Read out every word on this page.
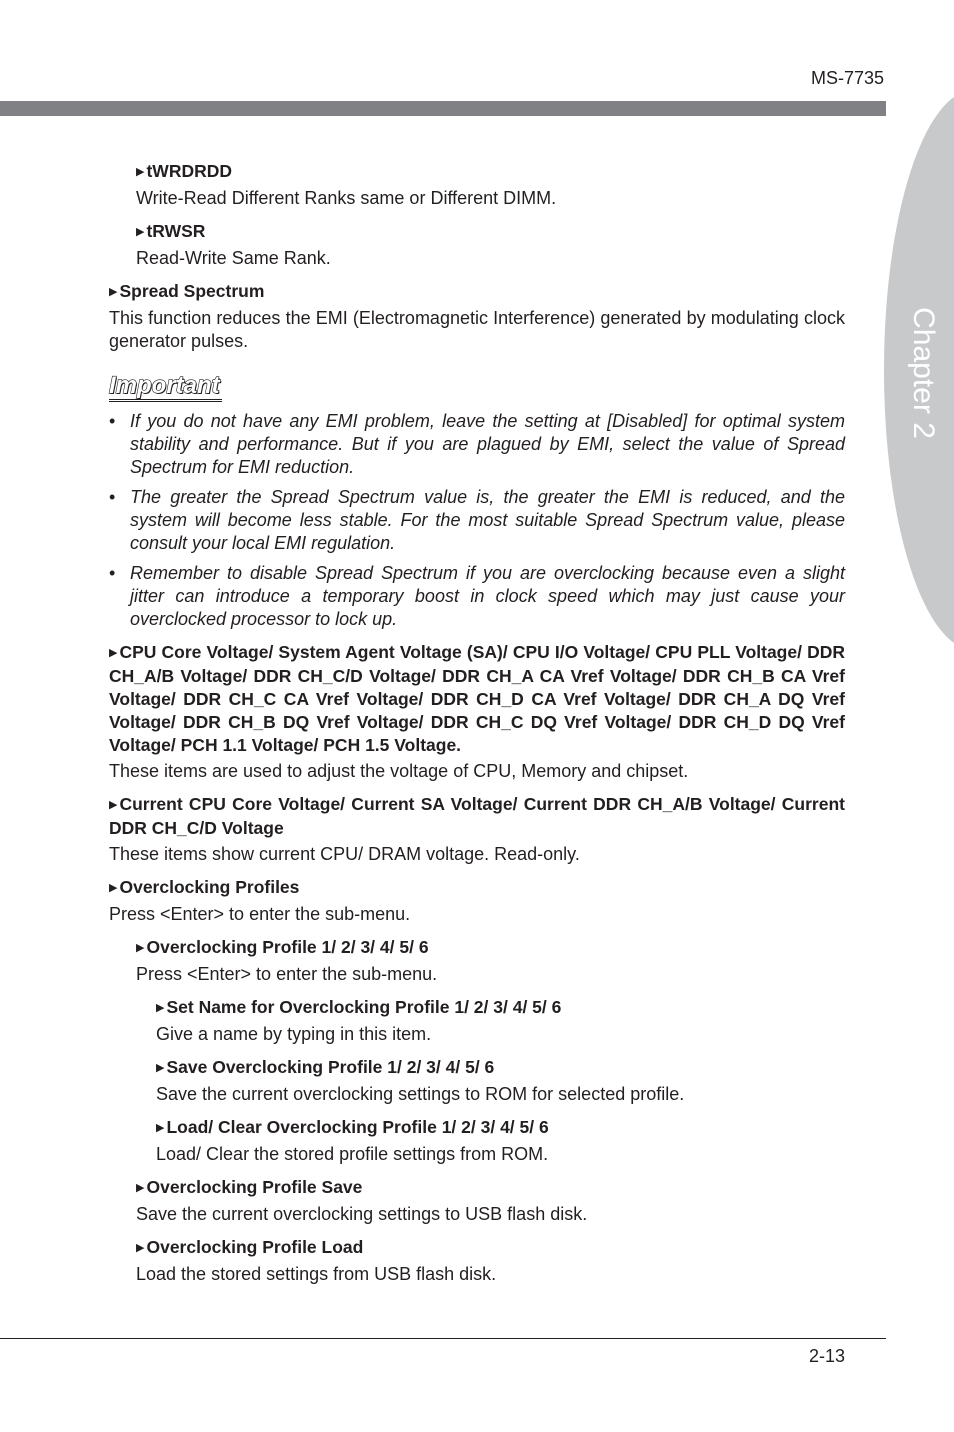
MS-7735
Chapter 2
▶ tWRDRDD
Write-Read Different Ranks same or Different DIMM.
▶ tRWSR
Read-Write Same Rank.
▶ Spread Spectrum
This function reduces the EMI (Electromagnetic Interference) generated by modulating clock generator pulses.
Important
• If you do not have any EMI problem, leave the setting at [Disabled] for optimal system stability and performance. But if you are plagued by EMI, select the value of Spread Spectrum for EMI reduction.
• The greater the Spread Spectrum value is, the greater the EMI is reduced, and the system will become less stable. For the most suitable Spread Spectrum value, please consult your local EMI regulation.
• Remember to disable Spread Spectrum if you are overclocking because even a slight jitter can introduce a temporary boost in clock speed which may just cause your overclocked processor to lock up.
▶ CPU Core Voltage/ System Agent Voltage (SA)/ CPU I/O Voltage/ CPU PLL Voltage/ DDR CH_A/B Voltage/ DDR CH_C/D Voltage/ DDR CH_A CA Vref Voltage/ DDR CH_B CA Vref Voltage/ DDR CH_C CA Vref Voltage/ DDR CH_D CA Vref Voltage/ DDR CH_A DQ Vref Voltage/ DDR CH_B DQ Vref Voltage/ DDR CH_C DQ Vref Voltage/ DDR CH_D DQ Vref Voltage/ PCH 1.1 Voltage/ PCH 1.5 Voltage.
These items are used to adjust the voltage of CPU, Memory and chipset.
▶ Current CPU Core Voltage/ Current SA Voltage/ Current DDR CH_A/B Voltage/ Current DDR CH_C/D Voltage
These items show current CPU/ DRAM voltage. Read-only.
▶ Overclocking Profiles
Press <Enter> to enter the sub-menu.
▶ Overclocking Profile 1/ 2/ 3/ 4/ 5/ 6
Press <Enter> to enter the sub-menu.
▶ Set Name for Overclocking Profile 1/ 2/ 3/ 4/ 5/ 6
Give a name by typing in this item.
▶ Save Overclocking Profile 1/ 2/ 3/ 4/ 5/ 6
Save the current overclocking settings to ROM for selected profile.
▶ Load/ Clear Overclocking Profile 1/ 2/ 3/ 4/ 5/ 6
Load/ Clear the stored profile settings from ROM.
▶ Overclocking Profile Save
Save the current overclocking settings to USB flash disk.
▶ Overclocking Profile Load
Load the stored settings from USB flash disk.
2-13
